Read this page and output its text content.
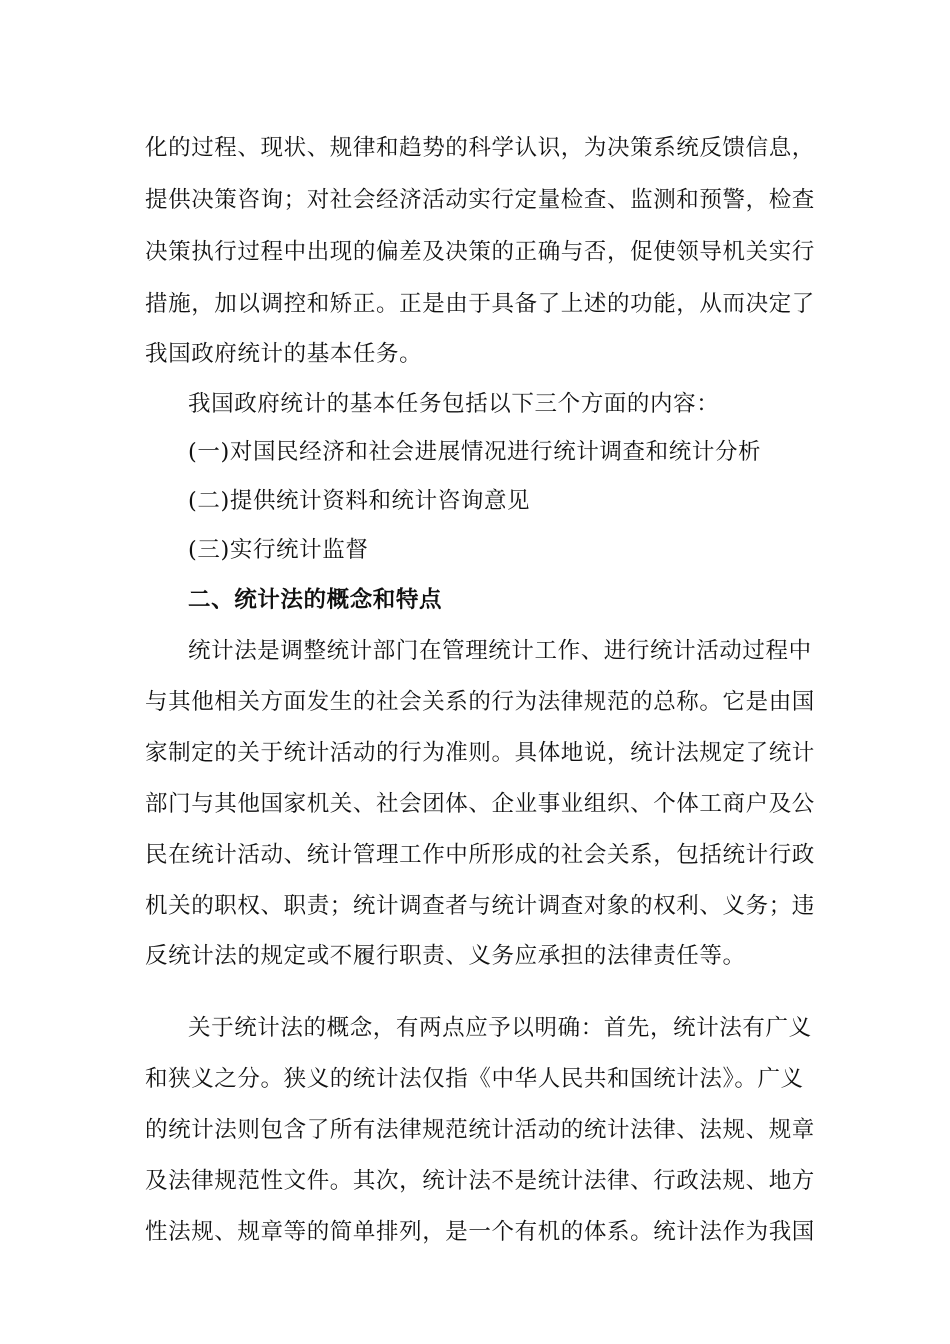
化的过程、现状、规律和趋势的科学认识，为决策系统反馈信息，
提供决策咨询；对社会经济活动实行定量检查、监测和预警，检查
决策执行过程中出现的偏差及决策的正确与否，促使领导机关实行
措施，加以调控和矫正。正是由于具备了上述的功能，从而决定了
我国政府统计的基本任务。
我国政府统计的基本任务包括以下三个方面的内容：
(一)对国民经济和社会进展情况进行统计调查和统计分析
(二)提供统计资料和统计咨询意见
(三)实行统计监督
二、统计法的概念和特点
统计法是调整统计部门在管理统计工作、进行统计活动过程中
与其他相关方面发生的社会关系的行为法律规范的总称。它是由国
家制定的关于统计活动的行为准则。具体地说，统计法规定了统计
部门与其他国家机关、社会团体、企业事业组织、个体工商户及公
民在统计活动、统计管理工作中所形成的社会关系，包括统计行政
机关的职权、职责；统计调查者与统计调查对象的权利、义务；违
反统计法的规定或不履行职责、义务应承担的法律责任等。
关于统计法的概念，有两点应予以明确：首先，统计法有广义
和狭义之分。狭义的统计法仅指《中华人民共和国统计法》。广义
的统计法则包含了所有法律规范统计活动的统计法律、法规、规章
及法律规范性文件。其次，统计法不是统计法律、行政法规、地方
性法规、规章等的简单排列，是一个有机的体系。统计法作为我国
